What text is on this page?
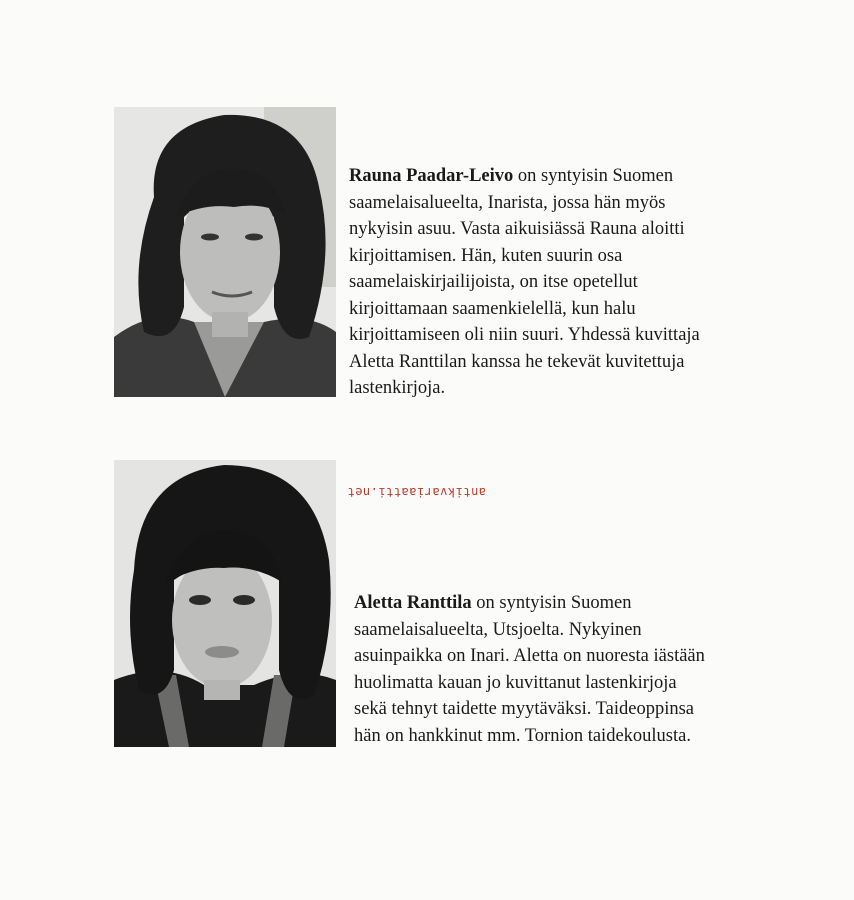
Rauna Paadar-Leivo on syntyisin Suomen
saamelaisalueelta, Inarista, jossa hän myös
nykyisin asuu. Vasta aikuisiässä Rauna aloitti
kirjoittamisen. Hän, kuten suurin osa
saamelaiskirjailijoista, on itse opetellut
kirjoittamaan saamenkielellä, kun halu
kirjoittamiseen oli niin suuri. Yhdessä kuvittaja
Aletta Ranttilan kanssa he tekevät kuvitettuja
lastenkirjoja.

antikvariaatti.net

Aletta Ranttila on syntyisin Suomen
saamelaisalueelta, Utsjoelta. Nykyinen
asuinpaikka on Inari. Aletta on nuoresta iästään
huolimatta kauan jo kuvittanut lastenkirjoja
sekä tehnyt taidette myytäväksi. Taideoppinsa
hän on hankkinut mm. Tornion taidekoulusta.
